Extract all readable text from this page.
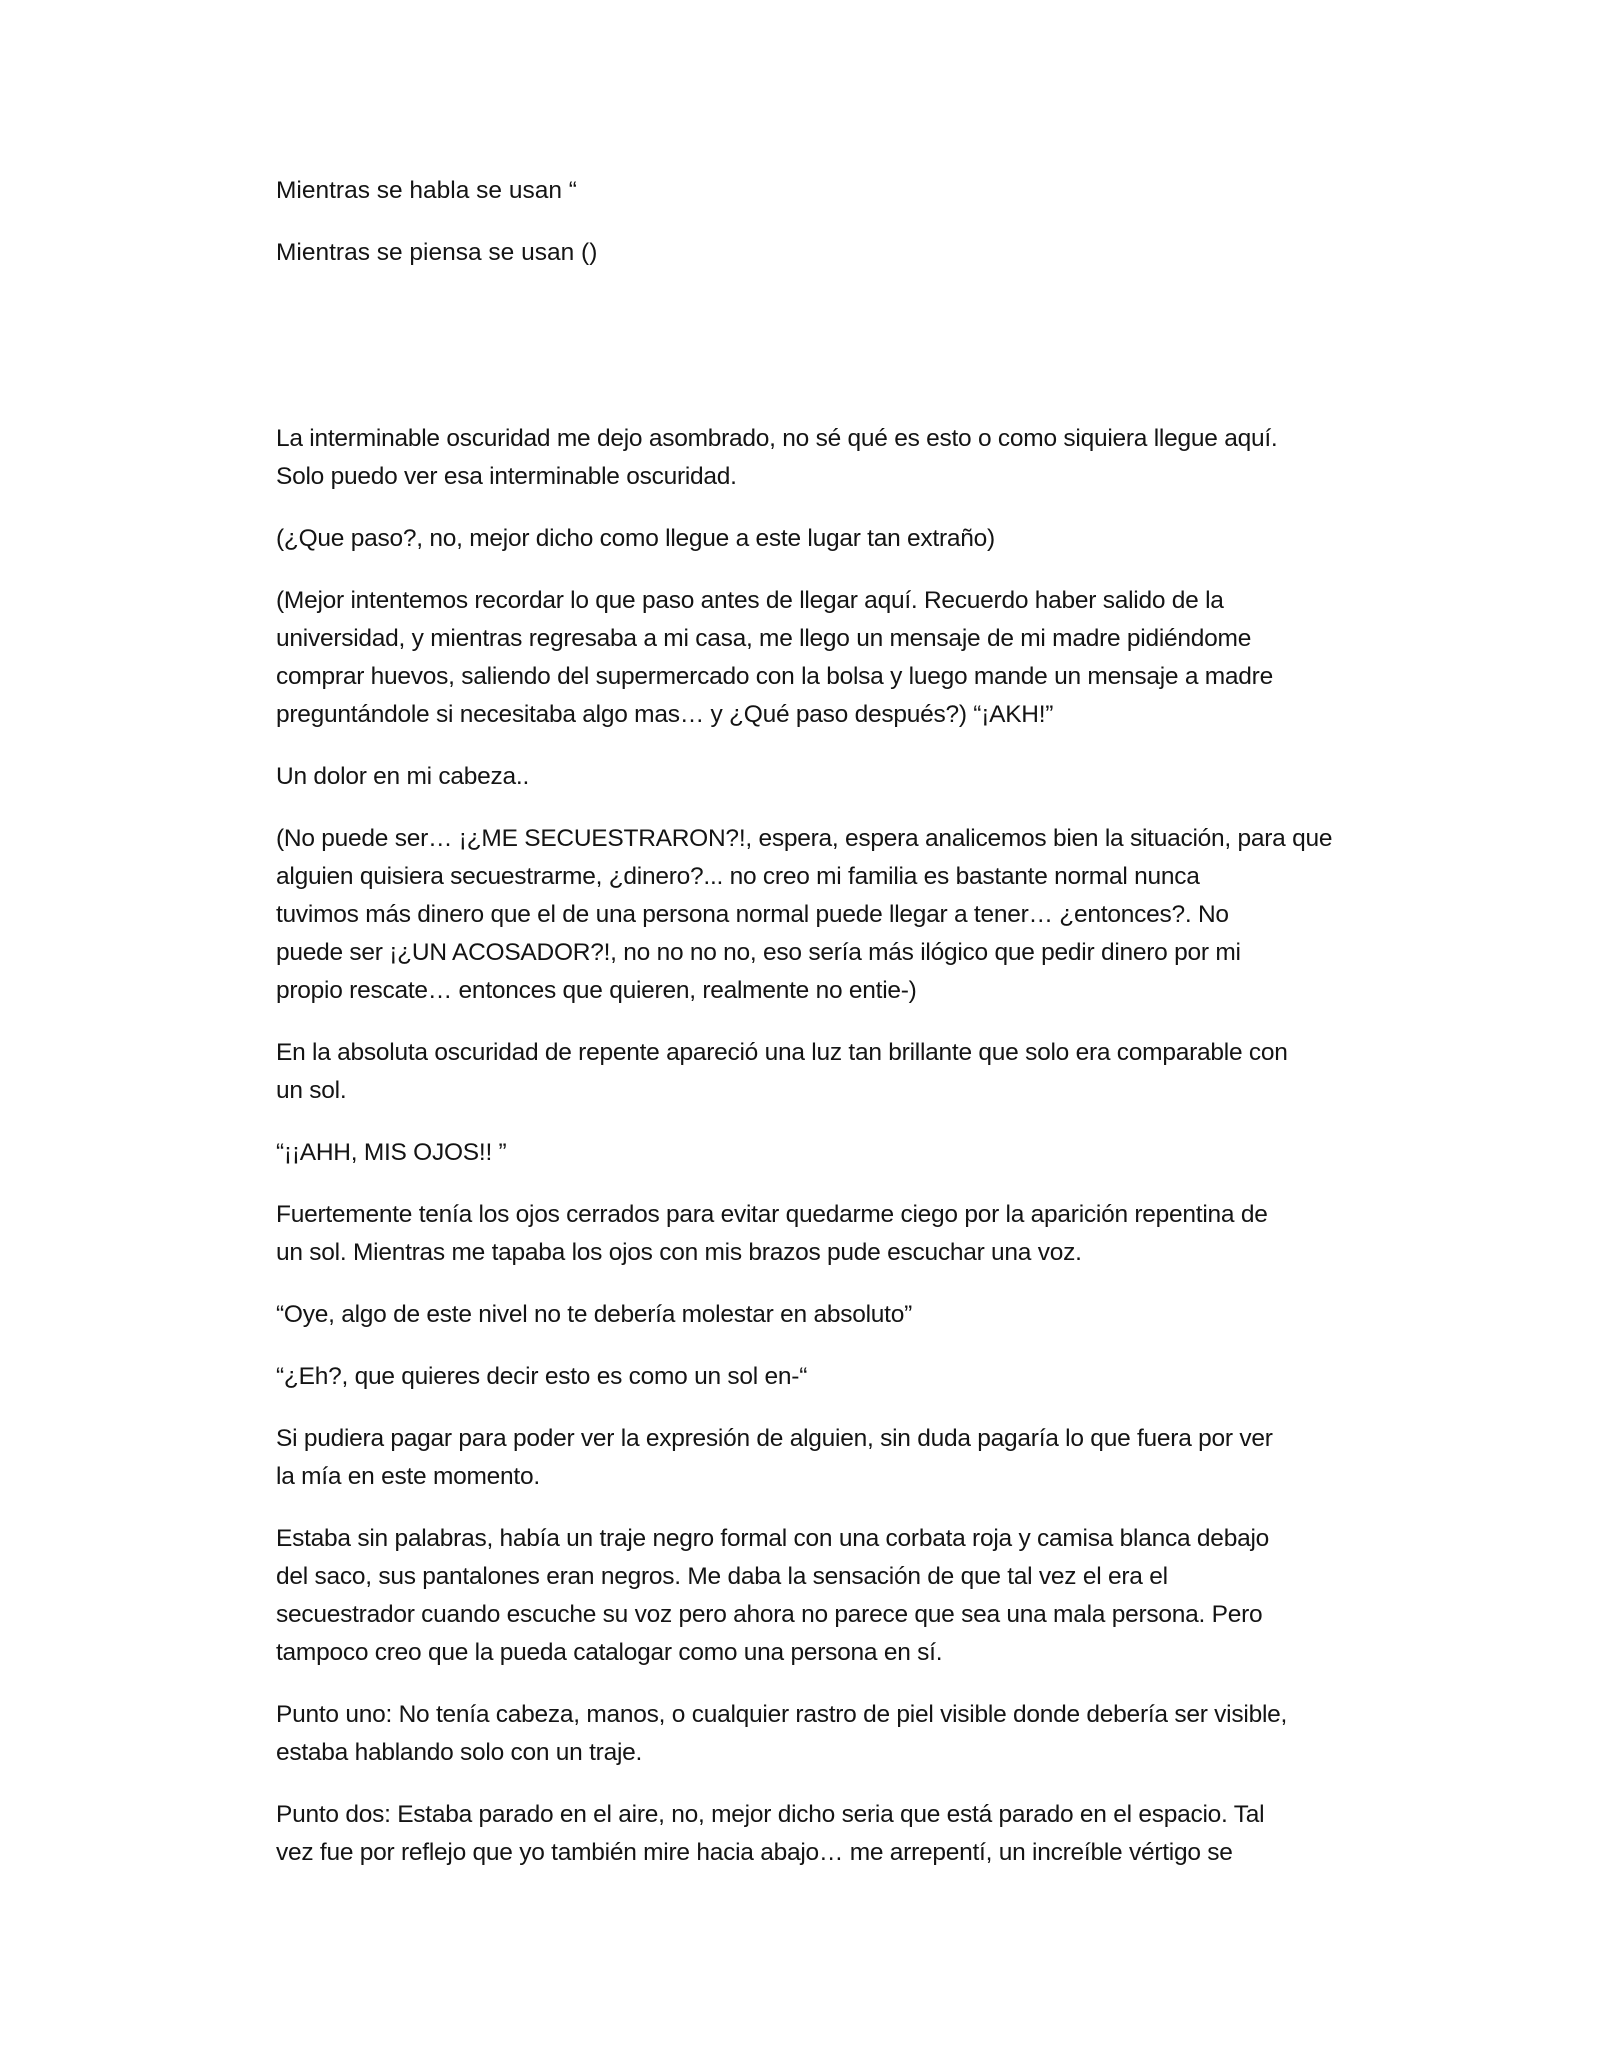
Mientras se habla se usan “

Mientras se piensa se usan ()

La interminable oscuridad me dejo asombrado, no sé qué es esto o como siquiera llegue aquí.
Solo puedo ver esa interminable oscuridad.

(¿Que paso?, no, mejor dicho como llegue a este lugar tan extraño)

(Mejor intentemos recordar lo que paso antes de llegar aquí. Recuerdo haber salido de la
universidad, y mientras regresaba a mi casa, me llego un mensaje de mi madre pidiéndome
comprar huevos, saliendo del supermercado con la bolsa y luego mande un mensaje a madre
preguntándole si necesitaba algo mas… y ¿Qué paso después?) “¡AKH!”

Un dolor en mi cabeza..

(No puede ser… ¡¿ME SECUESTRARON?!, espera, espera analicemos bien la situación, para que
alguien quisiera secuestrarme, ¿dinero?... no creo mi familia es bastante normal nunca
tuvimos más dinero que el de una persona normal puede llegar a tener… ¿entonces?. No
puede ser ¡¿UN ACOSADOR?!, no no no no, eso sería más ilógico que pedir dinero por mi
propio rescate… entonces que quieren, realmente no entie-)

En la absoluta oscuridad de repente apareció una luz tan brillante que solo era comparable con
un sol.

“¡¡AHH, MIS OJOS!! ”

Fuertemente tenía los ojos cerrados para evitar quedarme ciego por la aparición repentina de
un sol. Mientras me tapaba los ojos con mis brazos pude escuchar una voz.

“Oye, algo de este nivel no te debería molestar en absoluto”

“¿Eh?, que quieres decir esto es como un sol en-“

Si pudiera pagar para poder ver la expresión de alguien, sin duda pagaría lo que fuera por ver
la mía en este momento.

Estaba sin palabras, había un traje negro formal con una corbata roja y camisa blanca debajo
del saco, sus pantalones eran negros. Me daba la sensación de que tal vez el era el
secuestrador cuando escuche su voz pero ahora no parece que sea una mala persona. Pero
tampoco creo que la pueda catalogar como una persona en sí.

Punto uno: No tenía cabeza, manos, o cualquier rastro de piel visible donde debería ser visible,
estaba hablando solo con un traje.

Punto dos: Estaba parado en el aire, no, mejor dicho seria que está parado en el espacio. Tal
vez fue por reflejo que yo también mire hacia abajo… me arrepentí, un increíble vértigo se
